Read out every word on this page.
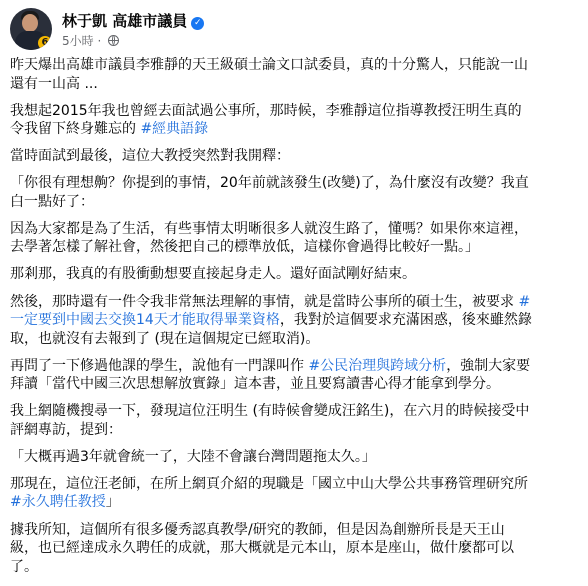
6
林于凱 高雄市議員 ✓
5小時 ·

昨天爆出高雄市議員李雅靜的天王級碩士論文口試委員，真的十分驚人，只能說一山
還有一山高 ...

我想起2015年我也曾經去面試過公事所，那時候，李雅靜這位指導教授汪明生真的
令我留下終身難忘的 #經典語錄

當時面試到最後，這位大教授突然對我開釋：

「你很有理想齁？你提到的事情，20年前就該發生(改變)了，為什麼沒有改變？我直
白一點好了：

因為大家都是為了生活，有些事情太明晰很多人就沒生路了，懂嗎？如果你來這裡，
去學著怎樣了解社會，然後把自己的標準放低，這樣你會過得比較好一點。」

那剎那，我真的有股衝動想要直接起身走人。還好面試剛好結束。

然後，那時還有一件令我非常無法理解的事情，就是當時公事所的碩士生，被要求 #
一定要到中國去交換14天才能取得畢業資格，我對於這個要求充滿困惑，後來雖然錄
取，也就沒有去報到了 (現在這個規定已經取消)。

再問了一下修過他課的學生，說他有一門課叫作 #公民治理與跨域分析，強制大家要
拜讀「當代中國三次思想解放實錄」這本書，並且要寫讀書心得才能拿到學分。

我上網隨機搜尋一下，發現這位汪明生 (有時候會變成汪銘生)，在六月的時候接受中
評網專訪，提到：

「大概再過3年就會統一了，大陸不會讓台灣問題拖太久。」

那現在，這位汪老師，在所上網頁介紹的現職是「國立中山大學公共事務管理研究所
#永久聘任教授」

據我所知，這個所有很多優秀認真教學/研究的教師，但是因為創辦所長是天王山
級，也已經達成永久聘任的成就，那大概就是元本山，原本是座山，做什麼都可以
了。
